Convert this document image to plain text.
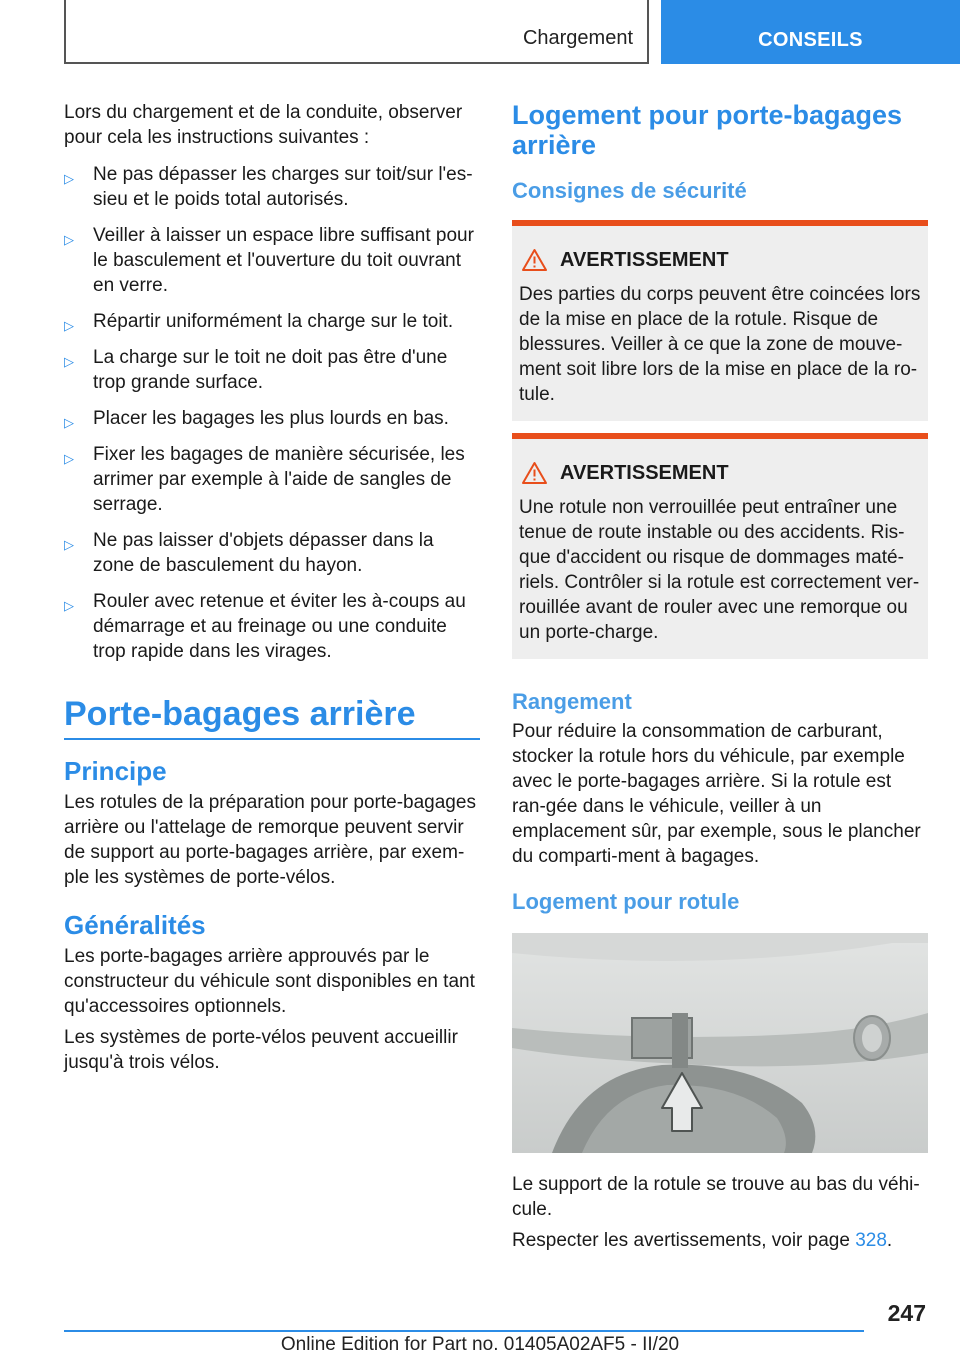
Chargement	CONSEILS

Lors du chargement et de la conduite, observer pour cela les instructions suivantes :

▷ Ne pas dépasser les charges sur toit/sur l'es-sieu et le poids total autorisés.
▷ Veiller à laisser un espace libre suffisant pour le basculement et l'ouverture du toit ouvrant en verre.
▷ Répartir uniformément la charge sur le toit.
▷ La charge sur le toit ne doit pas être d'une trop grande surface.
▷ Placer les bagages les plus lourds en bas.
▷ Fixer les bagages de manière sécurisée, les arrimer par exemple à l'aide de sangles de serrage.
▷ Ne pas laisser d'objets dépasser dans la zone de basculement du hayon.
▷ Rouler avec retenue et éviter les à-coups au démarrage et au freinage ou une conduite trop rapide dans les virages.
Porte-bagages arrière
Principe

Les rotules de la préparation pour porte-bagages arrière ou l'attelage de remorque peuvent servir de support au porte-bagages arrière, par exem-ple les systèmes de porte-vélos.

Généralités

Les porte-bagages arrière approuvés par le constructeur du véhicule sont disponibles en tant qu'accessoires optionnels.

Les systèmes de porte-vélos peuvent accueillir jusqu'à trois vélos.

Logement pour porte-bagages arrière
Consignes de sécurité
AVERTISSEMENT

Des parties du corps peuvent être coincées lors de la mise en place de la rotule. Risque de blessures. Veiller à ce que la zone de mouve-ment soit libre lors de la mise en place de la ro-tule.

AVERTISSEMENT

Une rotule non verrouillée peut entraîner une tenue de route instable ou des accidents. Ris-que d'accident ou risque de dommages maté-riels. Contrôler si la rotule est correctement ver-rouillée avant de rouler avec une remorque ou un porte-charge.

Rangement

Pour réduire la consommation de carburant, stocker la rotule hors du véhicule, par exemple avec le porte-bagages arrière. Si la rotule est ran-gée dans le véhicule, veiller à un emplacement sûr, par exemple, sous le plancher du comparti-ment à bagages.

Logement pour rotule

Le support de la rotule se trouve au bas du véhi-cule.

Respecter les avertissements, voir page 328.

247
Online Edition for Part no. 01405A02AF5 - II/20
